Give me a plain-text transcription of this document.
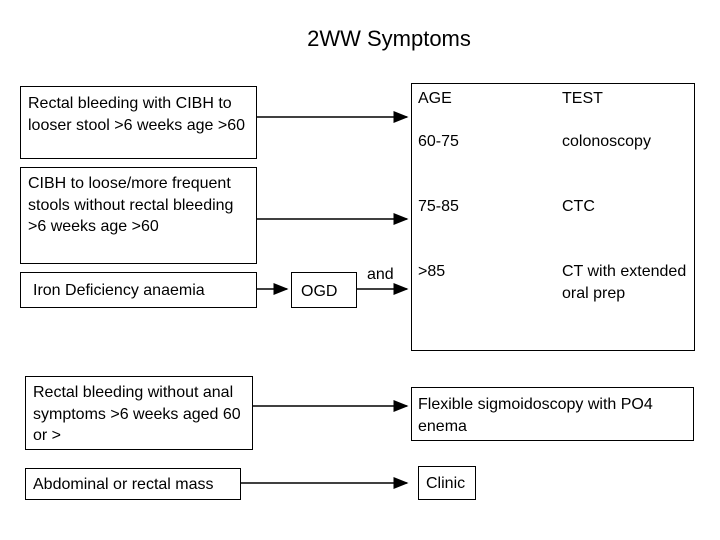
2WW Symptoms
Rectal bleeding with CIBH to looser stool >6 weeks age >60
CIBH to loose/more frequent stools without rectal bleeding >6 weeks age >60
Iron Deficiency anaemia
Rectal bleeding without anal symptoms >6 weeks aged 60 or >
Abdominal or rectal mass
OGD
and
AGE	TEST
60-75	colonoscopy
75-85	CTC
>85	CT with extended oral prep
Flexible sigmoidoscopy with PO4 enema
Clinic
